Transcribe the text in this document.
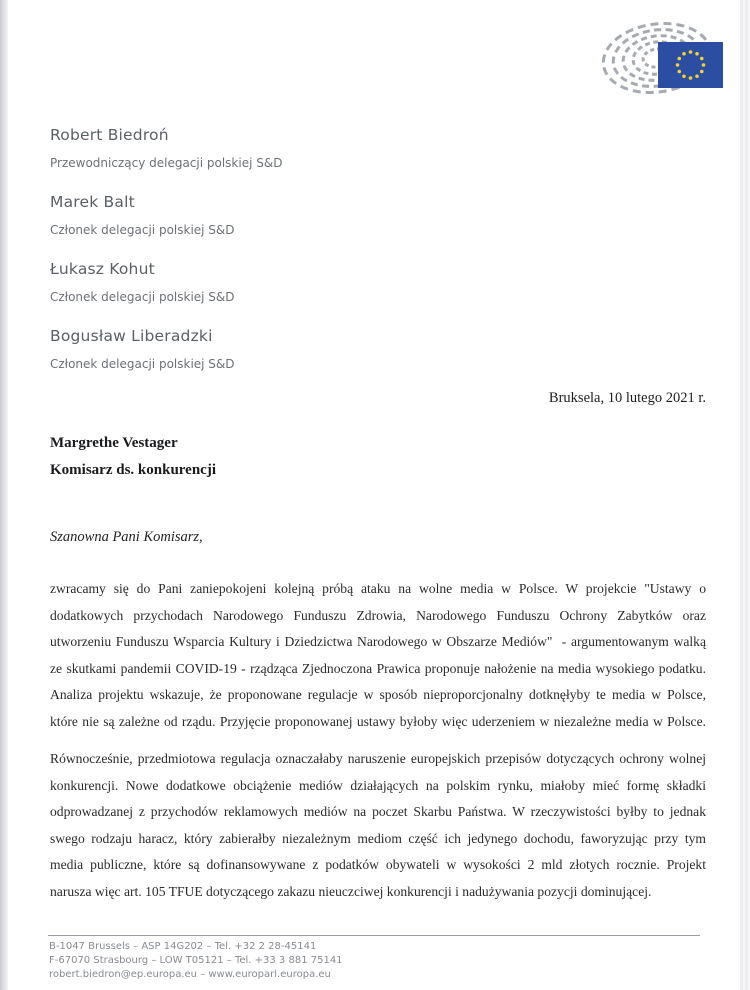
Robert Biedroń
Przewodniczący delegacji polskiej S&D
Marek Balt
Członek delegacji polskiej S&D
Łukasz Kohut
Członek delegacji polskiej S&D
Bogusław Liberadzki
Członek delegacji polskiej S&D
Bruksela, 10 lutego 2021 r.
Margrethe Vestager
Komisarz ds. konkurencji
Szanowna Pani Komisarz,
zwracamy się do Pani zaniepokojeni kolejną próbą ataku na wolne media w Polsce. W projekcie "Ustawy o
dodatkowych przychodach Narodowego Funduszu Zdrowia, Narodowego Funduszu Ochrony Zabytków oraz
utworzeniu Funduszu Wsparcia Kultury i Dziedzictwa Narodowego w Obszarze Mediów"  - argumentowanym walką
ze skutkami pandemii COVID-19 - rządząca Zjednoczona Prawica proponuje nałożenie na media wysokiego podatku.
Analiza projektu wskazuje, że proponowane regulacje w sposób nieproporcjonalny dotknęłyby te media w Polsce,
które nie są zależne od rządu. Przyjęcie proponowanej ustawy byłoby więc uderzeniem w niezależne media w Polsce.
Równocześnie, przedmiotowa regulacja oznaczałaby naruszenie europejskich przepisów dotyczących ochrony wolnej
konkurencji. Nowe dodatkowe obciążenie mediów działających na polskim rynku, miałoby mieć formę składki
odprowadzanej z przychodów reklamowych mediów na poczet Skarbu Państwa. W rzeczywistości byłby to jednak
swego rodzaju haracz, który zabierałby niezależnym mediom część ich jedynego dochodu, faworyzując przy tym
media publiczne, które są dofinansowywane z podatków obywateli w wysokości 2 mld złotych rocznie. Projekt
narusza więc art. 105 TFUE dotyczącego zakazu nieuczciwej konkurencji i nadużywania pozycji dominującej.
B-1047 Brussels – ASP 14G202 – Tel. +32 2 28-45141
F-67070 Strasbourg – LOW T05121 – Tel. +33 3 881 75141
robert.biedron@ep.europa.eu – www.europarl.europa.eu
